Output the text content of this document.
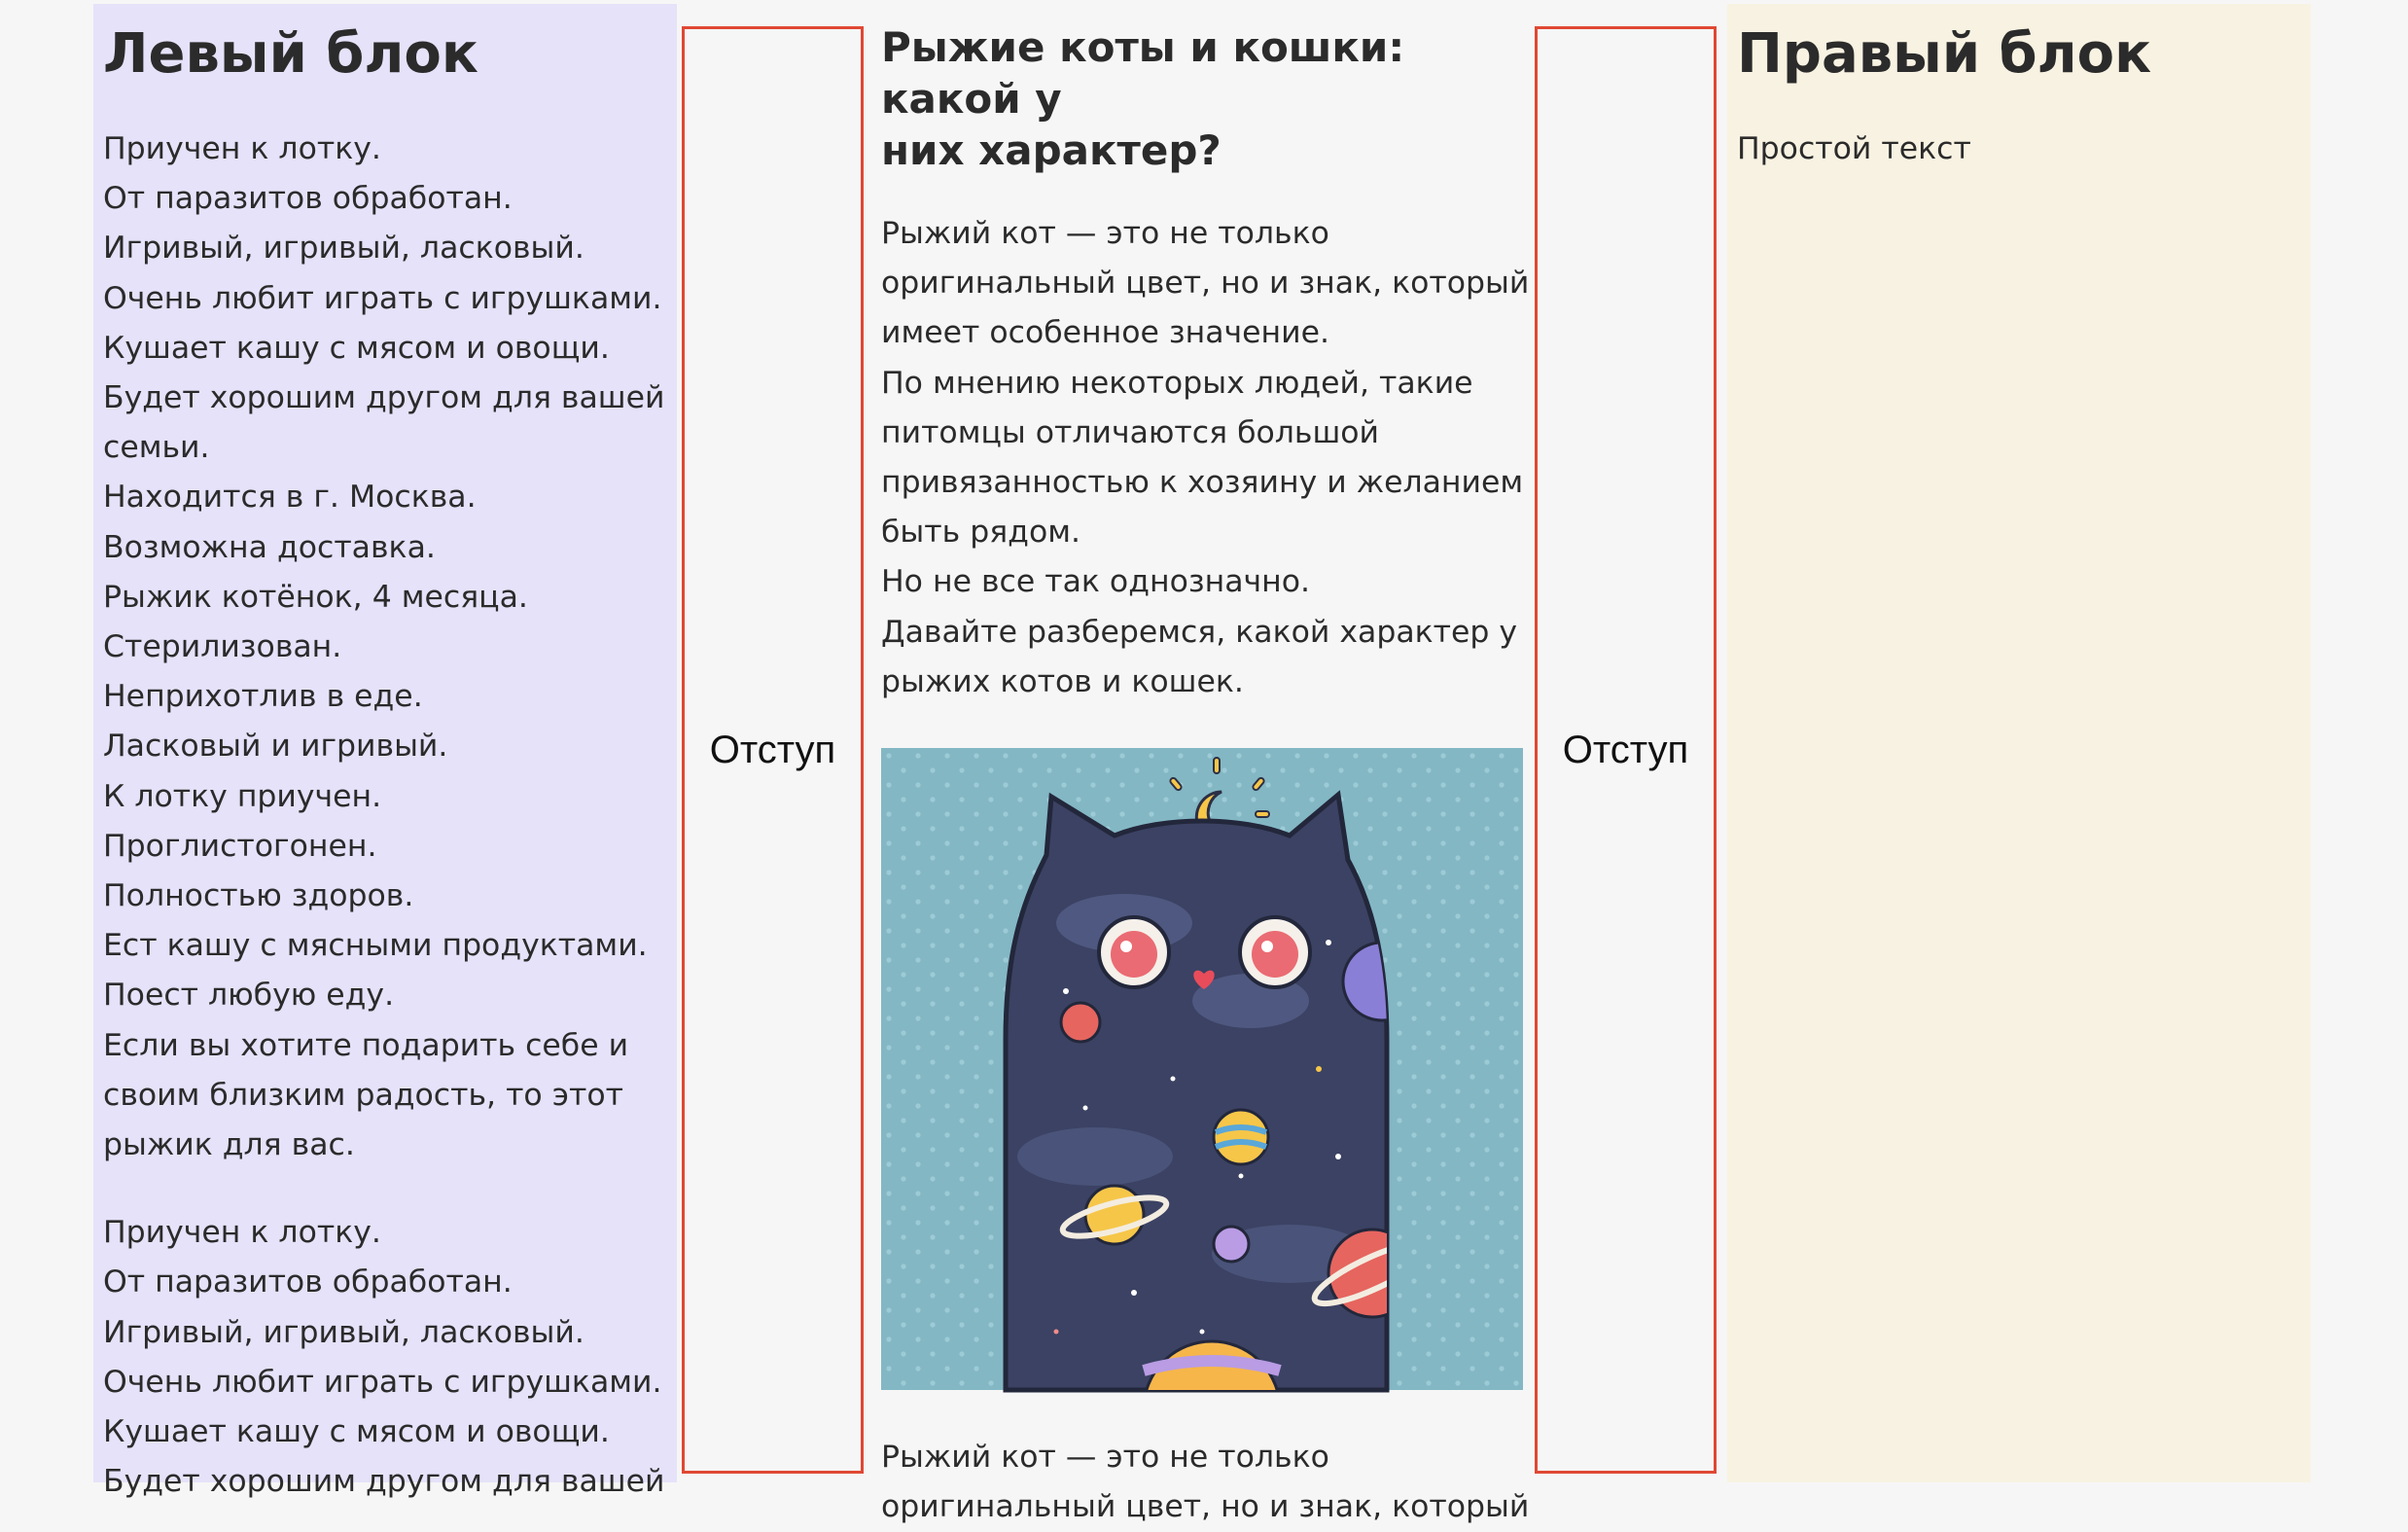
Левый блок
Приучен к лотку.
От паразитов обработан.
Игривый, игривый, ласковый.
Очень любит играть с игрушками.
Кушает кашу с мясом и овощи.
Будет хорошим другом для вашей
семьи.
Находится в г. Москва.
Возможна доставка.
Рыжик котёнок, 4 месяца.
Стерилизован.
Неприхотлив в еде.
Ласковый и игривый.
К лотку приучен.
Проглистогонен.
Полностью здоров.
Ест кашу с мясными продуктами.
Поест любую еду.
Если вы хотите подарить себе и
своим близким радость, то этот
рыжик для вас.
Приучен к лотку.
От паразитов обработан.
Игривый, игривый, ласковый.
Очень любит играть с игрушками.
Кушает кашу с мясом и овощи.
Будет хорошим другом для вашей
Отступ
Рыжие коты и кошки: какой у
них характер?
Рыжий кот — это не только
оригинальный цвет, но и знак, который
имеет особенное значение.
По мнению некоторых людей, такие
питомцы отличаются большой
привязанностью к хозяину и желанием
быть рядом.
Но не все так однозначно.
Давайте разберемся, какой характер у
рыжих котов и кошек.
Рыжий кот — это не только
оригинальный цвет, но и знак, который
Отступ
Правый блок
Простой текст
